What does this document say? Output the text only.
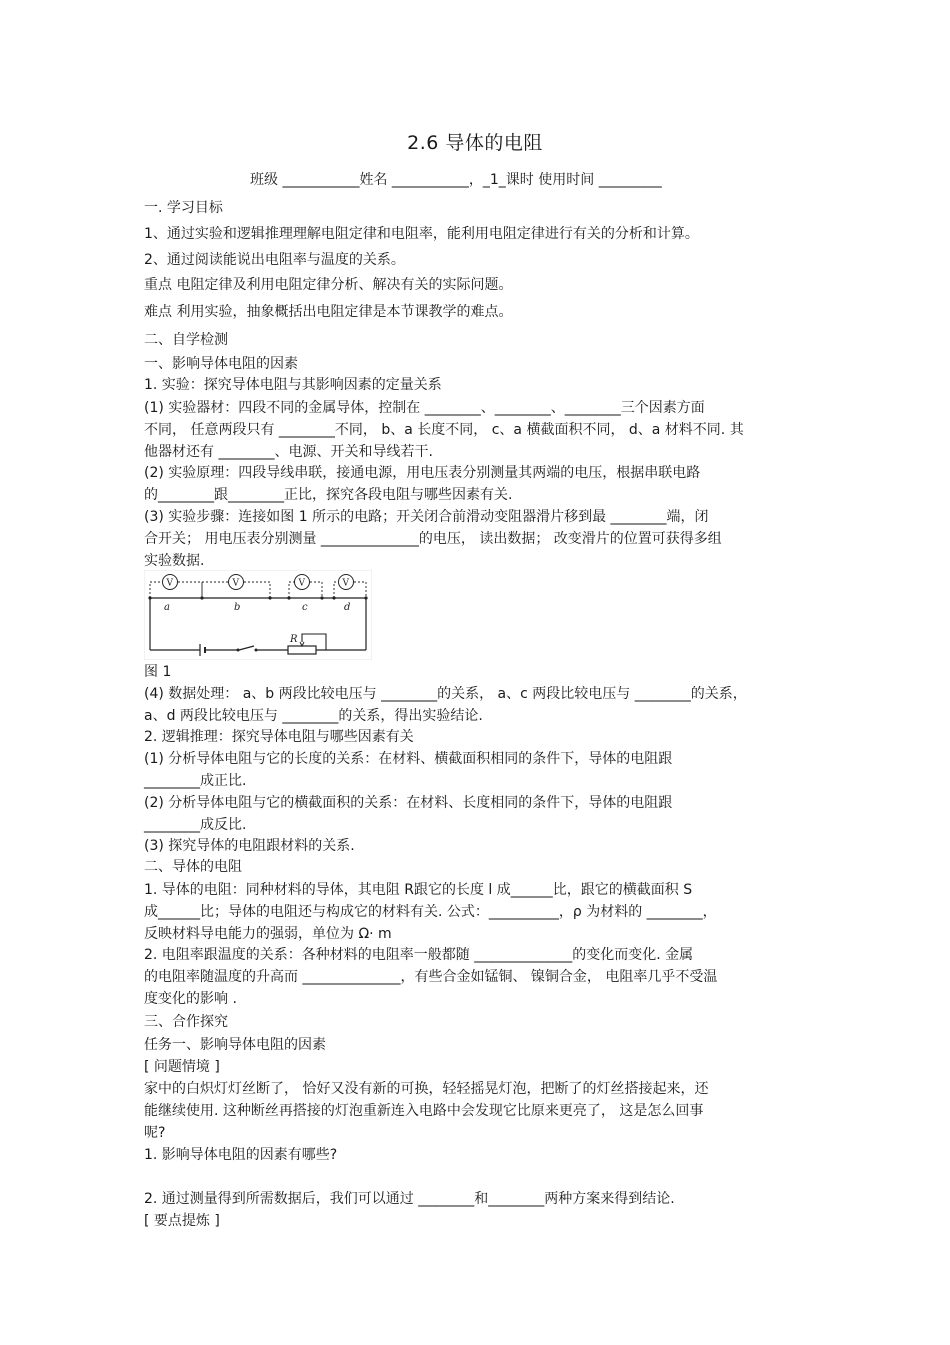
2.6 导体的电阻
班级 ___________姓名 ___________，_1_课时 使用时间 _________
一. 学习目标
1、通过实验和逻辑推理理解电阻定律和电阻率，能利用电阻定律进行有关的分析和计算。
2、通过阅读能说出电阻率与温度的关系。
重点 电阻定律及利用电阻定律分析、解决有关的实际问题。
难点 利用实验，抽象概括出电阻定律是本节课教学的难点。
二、自学检测
一、影响导体电阻的因素
1. 实验：探究导体电阻与其影响因素的定量关系
(1) 实验器材：四段不同的金属导体，控制在 ________、________、________三个因素方面
不同， 任意两段只有 ________不同， b、a 长度不同， c、a 横截面积不同， d、a 材料不同. 其
他器材还有 ________、电源、开关和导线若干.
(2) 实验原理：四段导线串联，接通电源，用电压表分别测量其两端的电压，根据串联电路
的________跟________正比，探究各段电阻与哪些因素有关.
(3) 实验步骤：连接如图 1 所示的电路；开关闭合前滑动变阻器滑片移到最 ________端，闭
合开关； 用电压表分别测量 ______________的电压， 读出数据； 改变滑片的位置可获得多组
实验数据.
图 1
(4) 数据处理： a、b 两段比较电压与 ________的关系， a、c 两段比较电压与 ________的关系，
a、d 两段比较电压与 ________的关系，得出实验结论.
2. 逻辑推理：探究导体电阻与哪些因素有关
(1) 分析导体电阻与它的长度的关系：在材料、横截面积相同的条件下，导体的电阻跟
________成正比.
(2) 分析导体电阻与它的横截面积的关系：在材料、长度相同的条件下，导体的电阻跟
________成反比.
(3) 探究导体的电阻跟材料的关系.
二、导体的电阻
1. 导体的电阻：同种材料的导体，其电阻 R跟它的长度 l 成______比，跟它的横截面积 S
成______比；导体的电阻还与构成它的材料有关. 公式：__________，ρ 为材料的 ________，
反映材料导电能力的强弱，单位为 Ω· m
2. 电阻率跟温度的关系：各种材料的电阻率一般都随 ______________的变化而变化. 金属
的电阻率随温度的升高而 ______________，有些合金如锰铜、 镍铜合金， 电阻率几乎不受温
度变化的影响 .
三、合作探究
任务一、影响导体电阻的因素
[ 问题情境 ]
家中的白炽灯灯丝断了， 恰好又没有新的可换，轻轻摇晃灯泡，把断了的灯丝搭接起来，还
能继续使用. 这种断丝再搭接的灯泡重新连入电路中会发现它比原来更亮了， 这是怎么回事
呢?
1. 影响导体电阻的因素有哪些?
2. 通过测量得到所需数据后，我们可以通过 ________和________两种方案来得到结论.
[ 要点提炼 ]
R
V	V	V	V
a	b	c	d
